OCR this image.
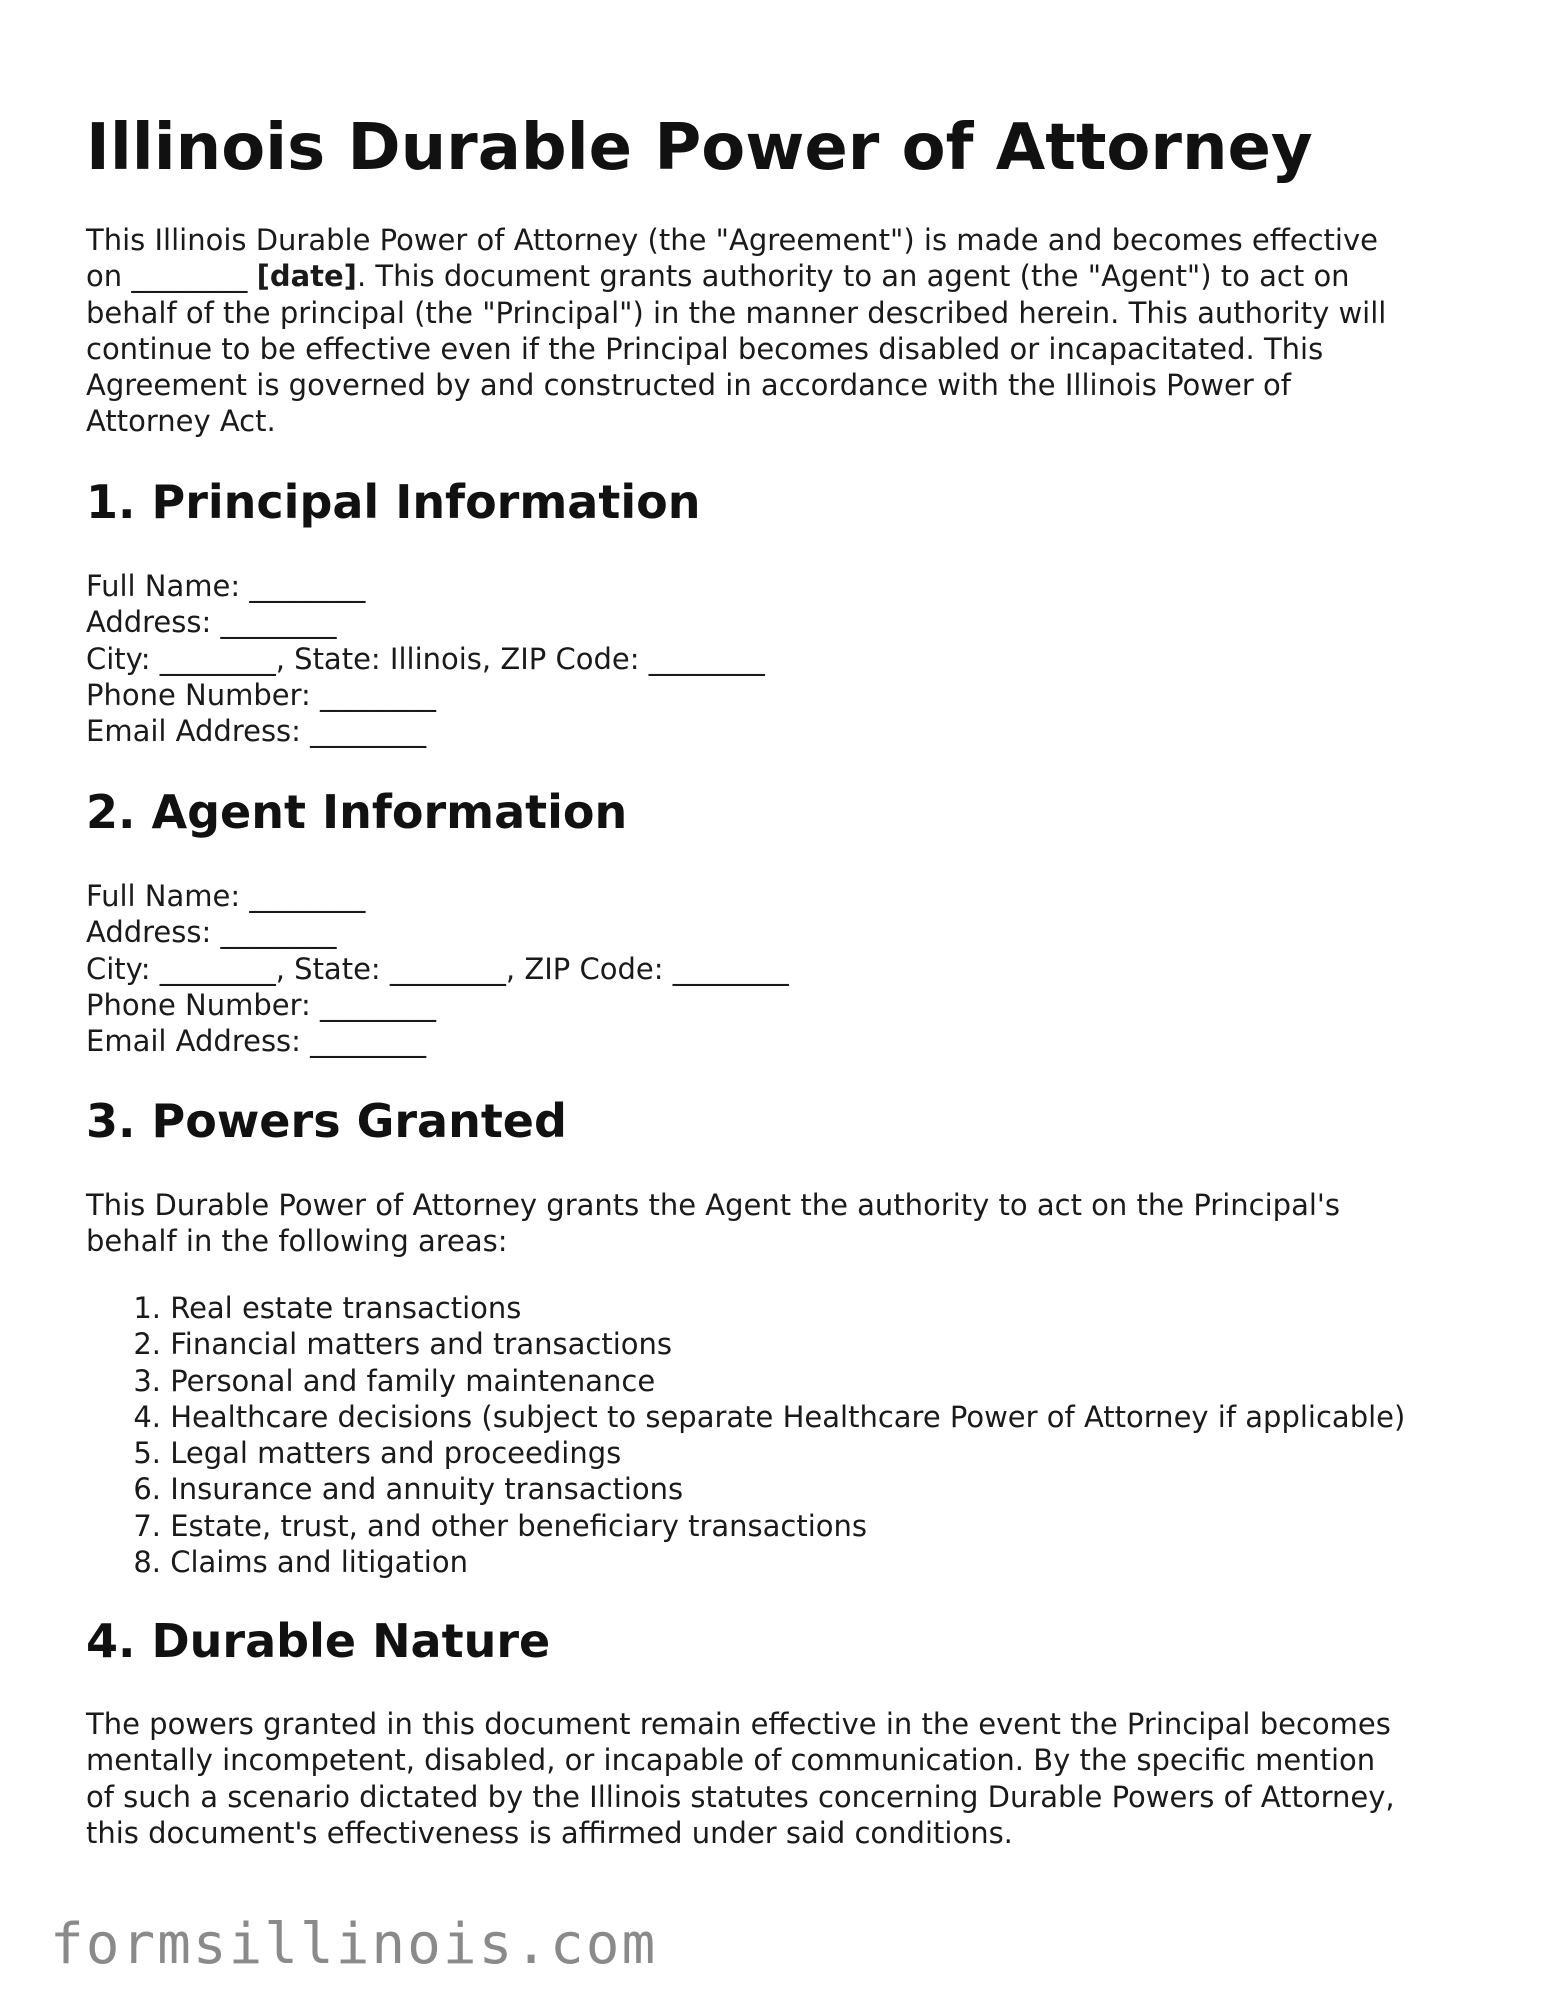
Illinois Durable Power of Attorney
This Illinois Durable Power of Attorney (the "Agreement") is made and becomes effective
on ________ [date]. This document grants authority to an agent (the "Agent") to act on
behalf of the principal (the "Principal") in the manner described herein. This authority will
continue to be effective even if the Principal becomes disabled or incapacitated. This
Agreement is governed by and constructed in accordance with the Illinois Power of
Attorney Act.
1. Principal Information
Full Name: ________
Address: ________
City: ________, State: Illinois, ZIP Code: ________
Phone Number: ________
Email Address: ________
2. Agent Information
Full Name: ________
Address: ________
City: ________, State: ________, ZIP Code: ________
Phone Number: ________
Email Address: ________
3. Powers Granted
This Durable Power of Attorney grants the Agent the authority to act on the Principal's
behalf in the following areas:
1. Real estate transactions
2. Financial matters and transactions
3. Personal and family maintenance
4. Healthcare decisions (subject to separate Healthcare Power of Attorney if applicable)
5. Legal matters and proceedings
6. Insurance and annuity transactions
7. Estate, trust, and other beneficiary transactions
8. Claims and litigation
4. Durable Nature
The powers granted in this document remain effective in the event the Principal becomes
mentally incompetent, disabled, or incapable of communication. By the specific mention
of such a scenario dictated by the Illinois statutes concerning Durable Powers of Attorney,
this document's effectiveness is affirmed under said conditions.
formsillinois.com
